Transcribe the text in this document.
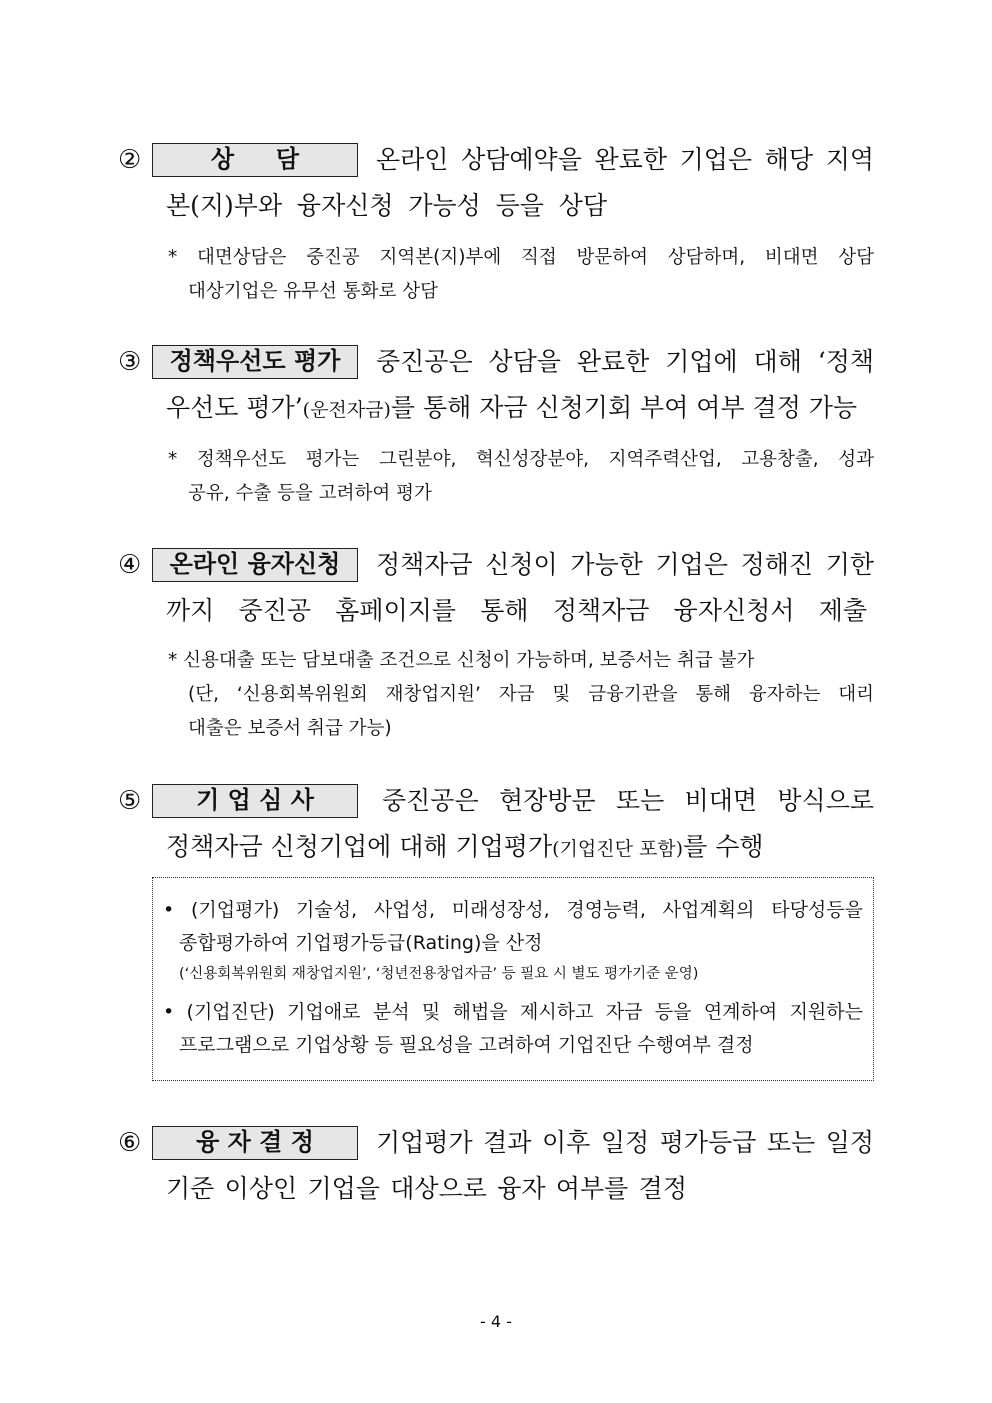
②	상     담	온라인 상담예약을 완료한 기업은 해당 지역
본(지)부와 융자신청 가능성 등을 상담
* 대면상담은 중진공 지역본(지)부에 직접 방문하여 상담하며, 비대면 상담
대상기업은 유무선 통화로 상담
③	정책우선도 평가	중진공은 상담을 완료한 기업에 대해 ‘정책
우선도 평가’(운전자금)를 통해 자금 신청기회 부여 여부 결정 가능
* 정책우선도 평가는 그린분야, 혁신성장분야, 지역주력산업, 고용창출, 성과
공유, 수출 등을 고려하여 평가
④	온라인 융자신청	정책자금 신청이 가능한 기업은 정해진 기한
까지 중진공 홈페이지를 통해 정책자금 융자신청서 제출
* 신용대출 또는 담보대출 조건으로 신청이 가능하며, 보증서는 취급 불가
(단, ‘신용회복위원회 재창업지원’ 자금 및 금융기관을 통해 융자하는 대리
대출은 보증서 취급 가능)
⑤	기 업 심 사	중진공은 현장방문 또는 비대면 방식으로
정책자금 신청기업에 대해 기업평가(기업진단 포함)를 수행
• (기업평가) 기술성, 사업성, 미래성장성, 경영능력, 사업계획의 타당성등을
종합평가하여 기업평가등급(Rating)을 산정
(‘신용회복위원회 재창업지원’, ‘청년전용창업자금’ 등 필요 시 별도 평가기준 운영)
• (기업진단) 기업애로 분석 및 해법을 제시하고 자금 등을 연계하여 지원하는
프로그램으로 기업상황 등 필요성을 고려하여 기업진단 수행여부 결정
⑥	융 자 결 정	기업평가 결과 이후 일정 평가등급 또는 일정
기준 이상인 기업을 대상으로 융자 여부를 결정
- 4 -
